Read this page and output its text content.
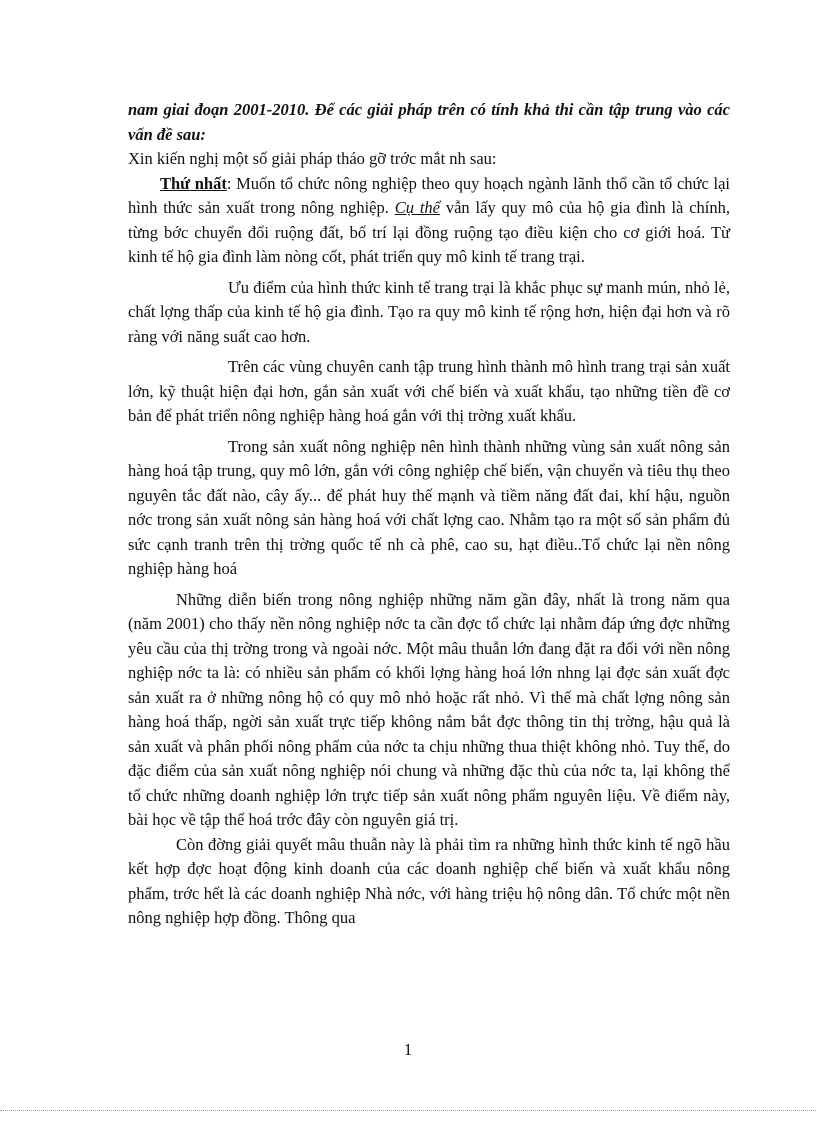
nam giai đoạn 2001-2010. Để các giải pháp trên có tính khả thi cần tập trung vào các vấn đề sau:

Xin kiến nghị một số giải pháp tháo gỡ trớc mắt nh sau:

Thứ nhất: Muốn tổ chức nông nghiệp theo quy hoạch ngành lãnh thổ cần tổ chức lại hình thức sản xuất trong nông nghiệp. Cụ thể vẫn lấy quy mô của hộ gia đình là chính, từng bớc chuyển đổi ruộng đất, bố trí lại đồng ruộng tạo điều kiện cho cơ giới hoá. Từ kinh tế hộ gia đình làm nòng cốt, phát triển quy mô kinh tế trang trại.

Ưu điểm của hình thức kinh tế trang trại là khắc phục sự manh mún, nhỏ lẻ, chất lợng thấp của kinh tế hộ gia đình. Tạo ra quy mô kinh tế rộng hơn, hiện đại hơn và rõ ràng với năng suất cao hơn.

Trên các vùng chuyên canh tập trung hình thành mô hình trang trại sản xuất lớn, kỹ thuật hiện đại hơn, gắn sản xuất với chế biến và xuất khẩu, tạo những tiền đề cơ bản để phát triển nông nghiệp hàng hoá gắn với thị trờng xuất khẩu.

Trong sản xuất nông nghiệp nên hình thành những vùng sản xuất nông sản hàng hoá tập trung, quy mô lớn, gắn với công nghiệp chế biến, vận chuyển và tiêu thụ theo nguyên tắc đất nào, cây ấy... để phát huy thế mạnh và tiềm năng đất đai, khí hậu, nguồn nớc trong sản xuất nông sản hàng hoá với chất lợng cao. Nhằm tạo ra một số sản phẩm đủ sức cạnh tranh trên thị trờng quốc tế nh cà phê, cao su, hạt điều..Tổ chức lại nền nông nghiệp hàng hoá

Những diễn biến trong nông nghiệp những năm gần đây, nhất là trong năm qua (năm 2001) cho thấy nền nông nghiệp nớc ta cần đợc tổ chức lại nhằm đáp ứng đợc những yêu cầu của thị trờng trong và ngoài nớc. Một mâu thuẫn lớn đang đặt ra đối với nền nông nghiệp nớc ta là: có nhiều sản phẩm có khối lợng hàng hoá lớn nhng lại đợc sản xuất đợc sản xuất ra ở những nông hộ có quy mô nhỏ hoặc rất nhỏ. Vì thế mà chất lợng nông sản hàng hoá thấp, ngời sản xuất trực tiếp không nắm bắt đợc thông tin thị trờng, hậu quả là sản xuất và phân phối nông phẩm của nớc ta chịu những thua thiệt không nhỏ. Tuy thế, do đặc điểm của sản xuất nông nghiệp nói chung và những đặc thù của nớc ta, lại không thể tổ chức những doanh nghiệp lớn trực tiếp sản xuất nông phẩm nguyên liệu. Về điểm này, bài học về tập thể hoá trớc đây còn nguyên giá trị.

Còn đờng giải quyết mâu thuẫn này là phải tìm ra những hình thức kinh tế ngõ hầu kết hợp đợc hoạt động kinh doanh của các doanh nghiệp chế biến và xuất khẩu nông phẩm, trớc hết là các doanh nghiệp Nhà nớc, với hàng triệu hộ nông dân. Tổ chức một nền nông nghiệp hợp đồng. Thông qua

1
